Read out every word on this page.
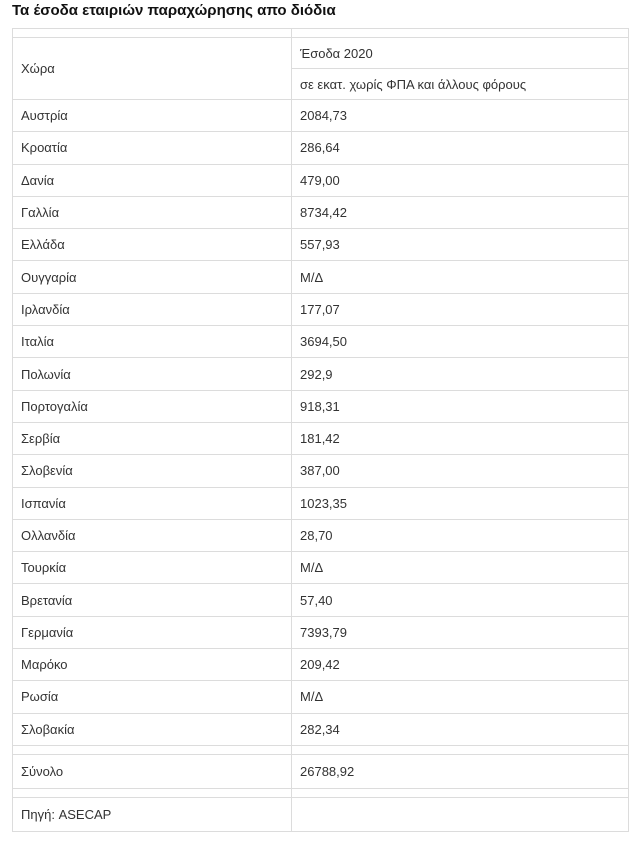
Τα έσοδα εταιριών παραχώρησης απο διόδια

Χώρα	Έσοδα 2020
	σε εκατ. χωρίς ΦΠΑ και άλλους φόρους
Αυστρία	2084,73
Κροατία	286,64
Δανία	479,00
Γαλλία	8734,42
Ελλάδα	557,93
Ουγγαρία	Μ/Δ
Ιρλανδία	177,07
Ιταλία	3694,50
Πολωνία	292,9
Πορτογαλία	918,31
Σερβία	181,42
Σλοβενία	387,00
Ισπανία	1023,35
Ολλανδία	28,70
Τουρκία	Μ/Δ
Βρετανία	57,40
Γερμανία	7393,79
Μαρόκο	209,42
Ρωσία	Μ/Δ
Σλοβακία	282,34

Σύνολο	26788,92

Πηγή: ASECAP	
